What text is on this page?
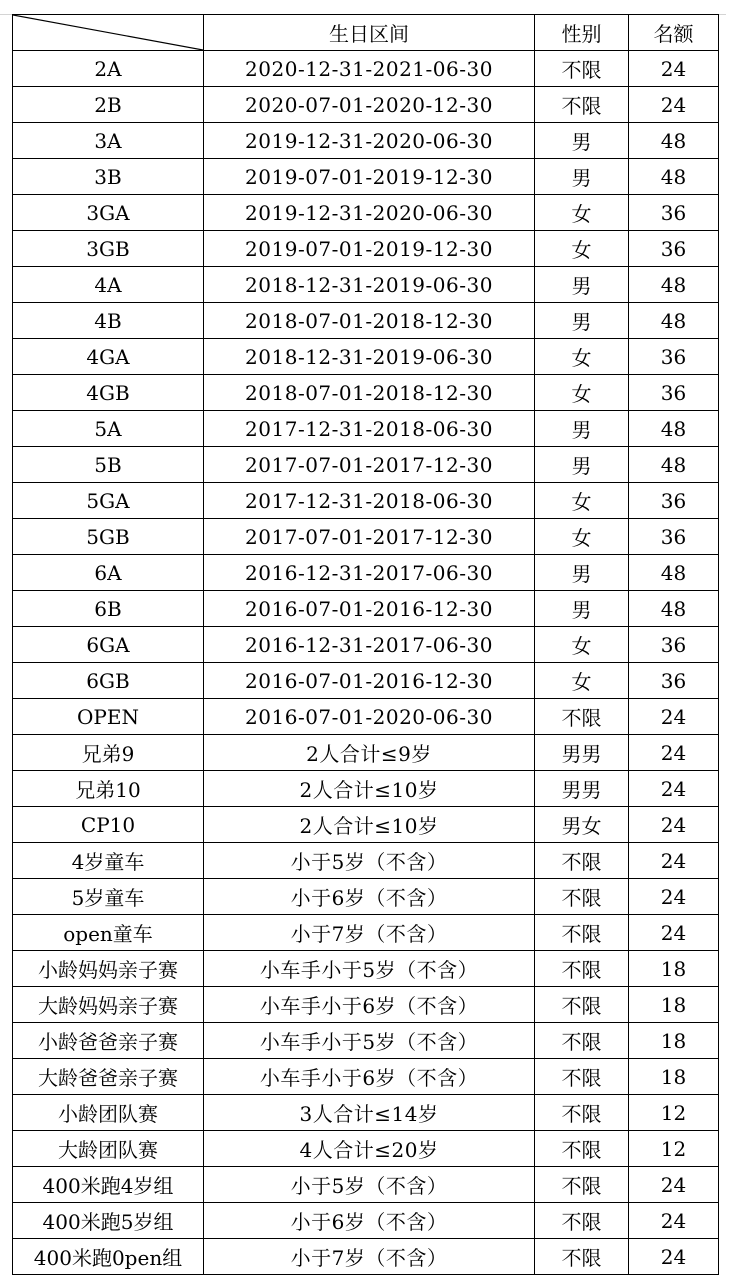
	生日区间	性别	名额
2A	2020-12-31-2021-06-30	不限	24
2B	2020-07-01-2020-12-30	不限	24
3A	2019-12-31-2020-06-30	男	48
3B	2019-07-01-2019-12-30	男	48
3GA	2019-12-31-2020-06-30	女	36
3GB	2019-07-01-2019-12-30	女	36
4A	2018-12-31-2019-06-30	男	48
4B	2018-07-01-2018-12-30	男	48
4GA	2018-12-31-2019-06-30	女	36
4GB	2018-07-01-2018-12-30	女	36
5A	2017-12-31-2018-06-30	男	48
5B	2017-07-01-2017-12-30	男	48
5GA	2017-12-31-2018-06-30	女	36
5GB	2017-07-01-2017-12-30	女	36
6A	2016-12-31-2017-06-30	男	48
6B	2016-07-01-2016-12-30	男	48
6GA	2016-12-31-2017-06-30	女	36
6GB	2016-07-01-2016-12-30	女	36
OPEN	2016-07-01-2020-06-30	不限	24
兄弟9	2人合计≤9岁	男男	24
兄弟10	2人合计≤10岁	男男	24
CP10	2人合计≤10岁	男女	24
4岁童车	小于5岁（不含）	不限	24
5岁童车	小于6岁（不含）	不限	24
open童车	小于7岁（不含）	不限	24
小龄妈妈亲子赛	小车手小于5岁（不含）	不限	18
大龄妈妈亲子赛	小车手小于6岁（不含）	不限	18
小龄爸爸亲子赛	小车手小于5岁（不含）	不限	18
大龄爸爸亲子赛	小车手小于6岁（不含）	不限	18
小龄团队赛	3人合计≤14岁	不限	12
大龄团队赛	4人合计≤20岁	不限	12
400米跑4岁组	小于5岁（不含）	不限	24
400米跑5岁组	小于6岁（不含）	不限	24
400米跑0pen组	小于7岁（不含）	不限	24
